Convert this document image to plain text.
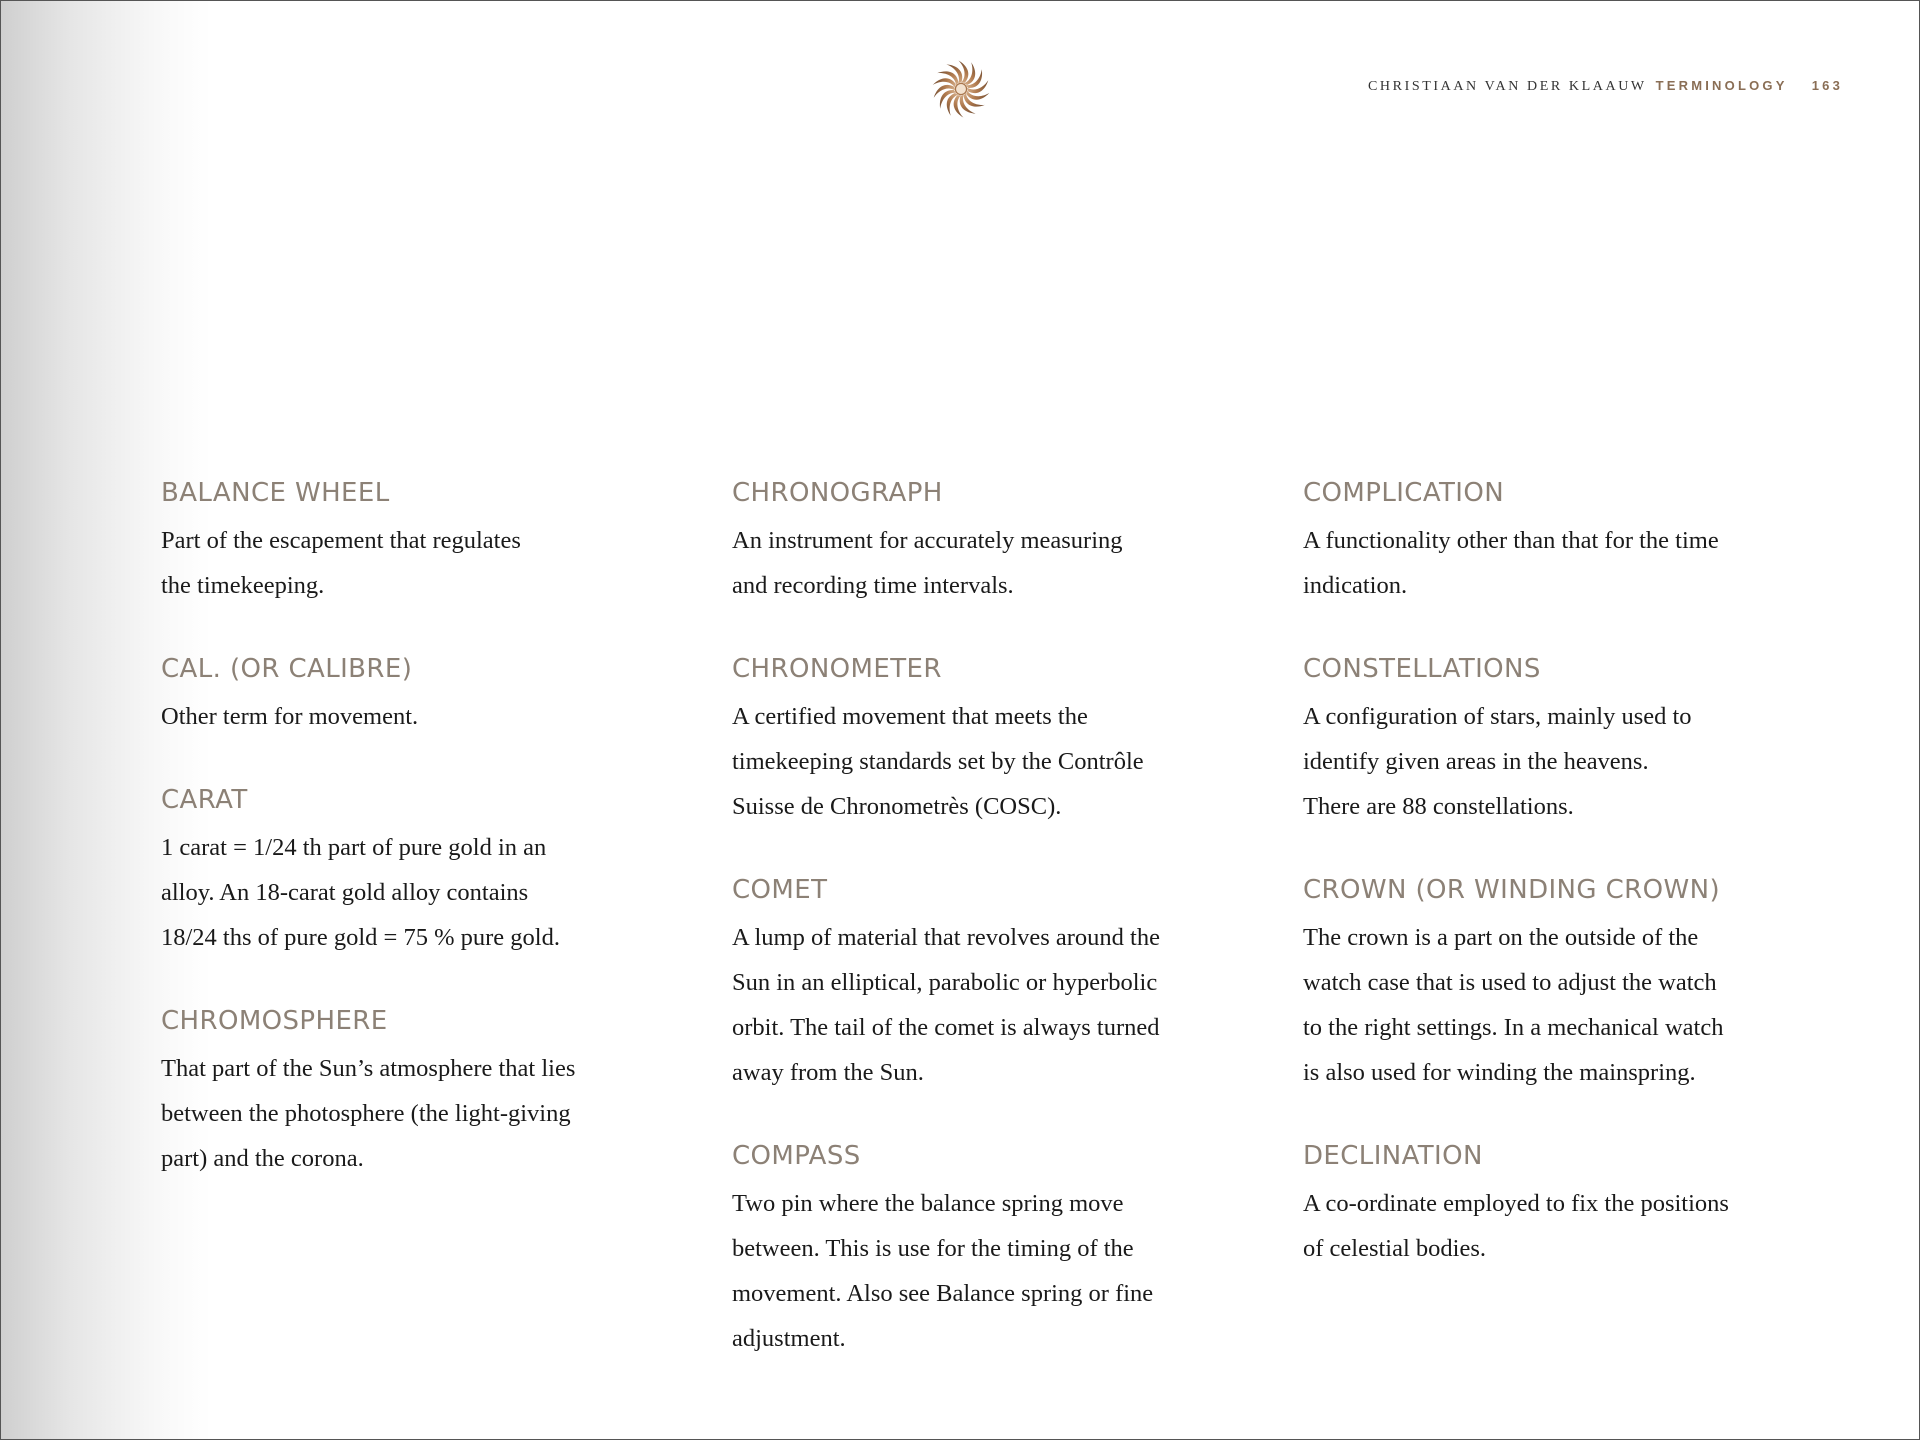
CHRISTIAAN VAN DER KLAAUW TERMINOLOGY 163
BALANCE WHEEL

Part of the escapement that regulates
the timekeeping.

CAL. (OR CALIBRE)

Other term for movement.

CARAT

1 carat = 1/24 th part of pure gold in an
alloy. An 18-carat gold alloy contains
18/24 ths of pure gold = 75 % pure gold.

CHROMOSPHERE

That part of the Sun’s atmosphere that lies
between the photosphere (the light-giving
part) and the corona.

CHRONOGRAPH

An instrument for accurately measuring
and recording time intervals.

CHRONOMETER

A certified movement that meets the
timekeeping standards set by the Contrôle
Suisse de Chronometrès (COSC).

COMET

A lump of material that revolves around the
Sun in an elliptical, parabolic or hyperbolic
orbit. The tail of the comet is always turned
away from the Sun.

COMPASS

Two pin where the balance spring move
between. This is use for the timing of the
movement. Also see Balance spring or fine
adjustment.

COMPLICATION

A functionality other than that for the time
indication.

CONSTELLATIONS

A configuration of stars, mainly used to
identify given areas in the heavens.
There are 88 constellations.

CROWN (OR WINDING CROWN)

The crown is a part on the outside of the
watch case that is used to adjust the watch
to the right settings. In a mechanical watch
is also used for winding the mainspring.

DECLINATION

A co-ordinate employed to fix the positions
of celestial bodies.
